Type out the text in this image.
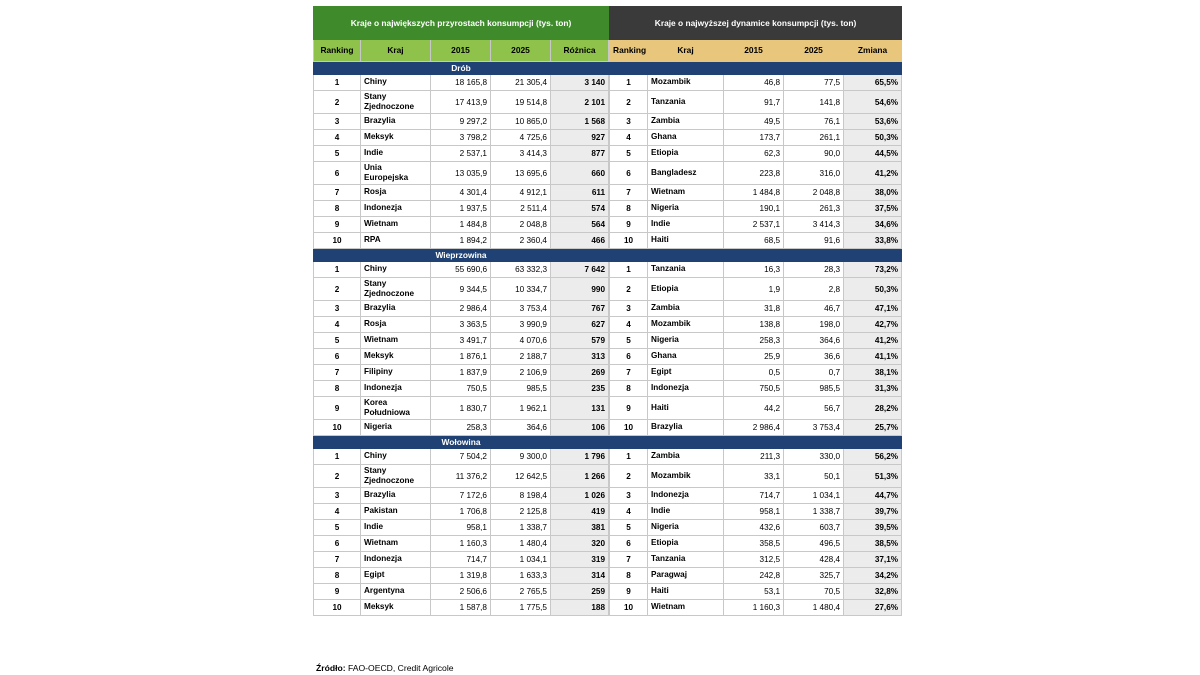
Kraje o największych przyrostach konsumpcji (tys. ton)					Kraje o najwyższej dynamice konsumpcji (tys. ton)				
Ranking	Kraj	2015	2025	Różnica		Ranking	Kraj	2015	2025	Zmiana
Drób									
1	Chiny	18 165,8	21 305,4	3 140		1	Mozambik	46,8	77,5	65,5%
2	Stany Zjednoczone	17 413,9	19 514,8	2 101		2	Tanzania	91,7	141,8	54,6%
3	Brazylia	9 297,2	10 865,0	1 568		3	Zambia	49,5	76,1	53,6%
4	Meksyk	3 798,2	4 725,6	927		4	Ghana	173,7	261,1	50,3%
5	Indie	2 537,1	3 414,3	877		5	Etiopia	62,3	90,0	44,5%
6	Unia Europejska	13 035,9	13 695,6	660		6	Bangladesz	223,8	316,0	41,2%
7	Rosja	4 301,4	4 912,1	611		7	Wietnam	1 484,8	2 048,8	38,0%
8	Indonezja	1 937,5	2 511,4	574		8	Nigeria	190,1	261,3	37,5%
9	Wietnam	1 484,8	2 048,8	564		9	Indie	2 537,1	3 414,3	34,6%
10	RPA	1 894,2	2 360,4	466		10	Haiti	68,5	91,6	33,8%
Wieprzowina									
1	Chiny	55 690,6	63 332,3	7 642		1	Tanzania	16,3	28,3	73,2%
2	Stany Zjednoczone	9 344,5	10 334,7	990		2	Etiopia	1,9	2,8	50,3%
3	Brazylia	2 986,4	3 753,4	767		3	Zambia	31,8	46,7	47,1%
4	Rosja	3 363,5	3 990,9	627		4	Mozambik	138,8	198,0	42,7%
5	Wietnam	3 491,7	4 070,6	579		5	Nigeria	258,3	364,6	41,2%
6	Meksyk	1 876,1	2 188,7	313		6	Ghana	25,9	36,6	41,1%
7	Filipiny	1 837,9	2 106,9	269		7	Egipt	0,5	0,7	38,1%
8	Indonezja	750,5	985,5	235		8	Indonezja	750,5	985,5	31,3%
9	Korea Południowa	1 830,7	1 962,1	131		9	Haiti	44,2	56,7	28,2%
10	Nigeria	258,3	364,6	106		10	Brazylia	2 986,4	3 753,4	25,7%
Wołowina									
1	Chiny	7 504,2	9 300,0	1 796		1	Zambia	211,3	330,0	56,2%
2	Stany Zjednoczone	11 376,2	12 642,5	1 266		2	Mozambik	33,1	50,1	51,3%
3	Brazylia	7 172,6	8 198,4	1 026		3	Indonezja	714,7	1 034,1	44,7%
4	Pakistan	1 706,8	2 125,8	419		4	Indie	958,1	1 338,7	39,7%
5	Indie	958,1	1 338,7	381		5	Nigeria	432,6	603,7	39,5%
6	Wietnam	1 160,3	1 480,4	320		6	Etiopia	358,5	496,5	38,5%
7	Indonezja	714,7	1 034,1	319		7	Tanzania	312,5	428,4	37,1%
8	Egipt	1 319,8	1 633,3	314		8	Paragwaj	242,8	325,7	34,2%
9	Argentyna	2 506,6	2 765,5	259		9	Haiti	53,1	70,5	32,8%
10	Meksyk	1 587,8	1 775,5	188		10	Wietnam	1 160,3	1 480,4	27,6%
Źródło: FAO-OECD, Credit Agricole
